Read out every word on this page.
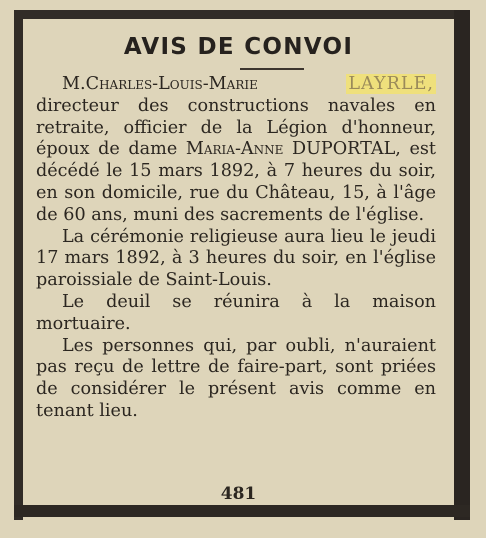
AVIS DE CONVOI

M.Charles-Louis-Marie LAYRLE, directeur des constructions navales en retraite, officier de la Légion d'honneur, époux de dame Maria-Anne DUPORTAL, est décédé le 15 mars 1892, à 7 heures du soir, en son domicile, rue du Château, 15, à l'âge de 60 ans, muni des sacrements de l'église.

La cérémonie religieuse aura lieu le jeudi 17 mars 1892, à 3 heures du soir, en l'église paroissiale de Saint-Louis.

Le deuil se réunira à la maison mortuaire.

Les personnes qui, par oubli, n'auraient pas reçu de lettre de faire-part, sont priées de considérer le présent avis comme en tenant lieu.

481
